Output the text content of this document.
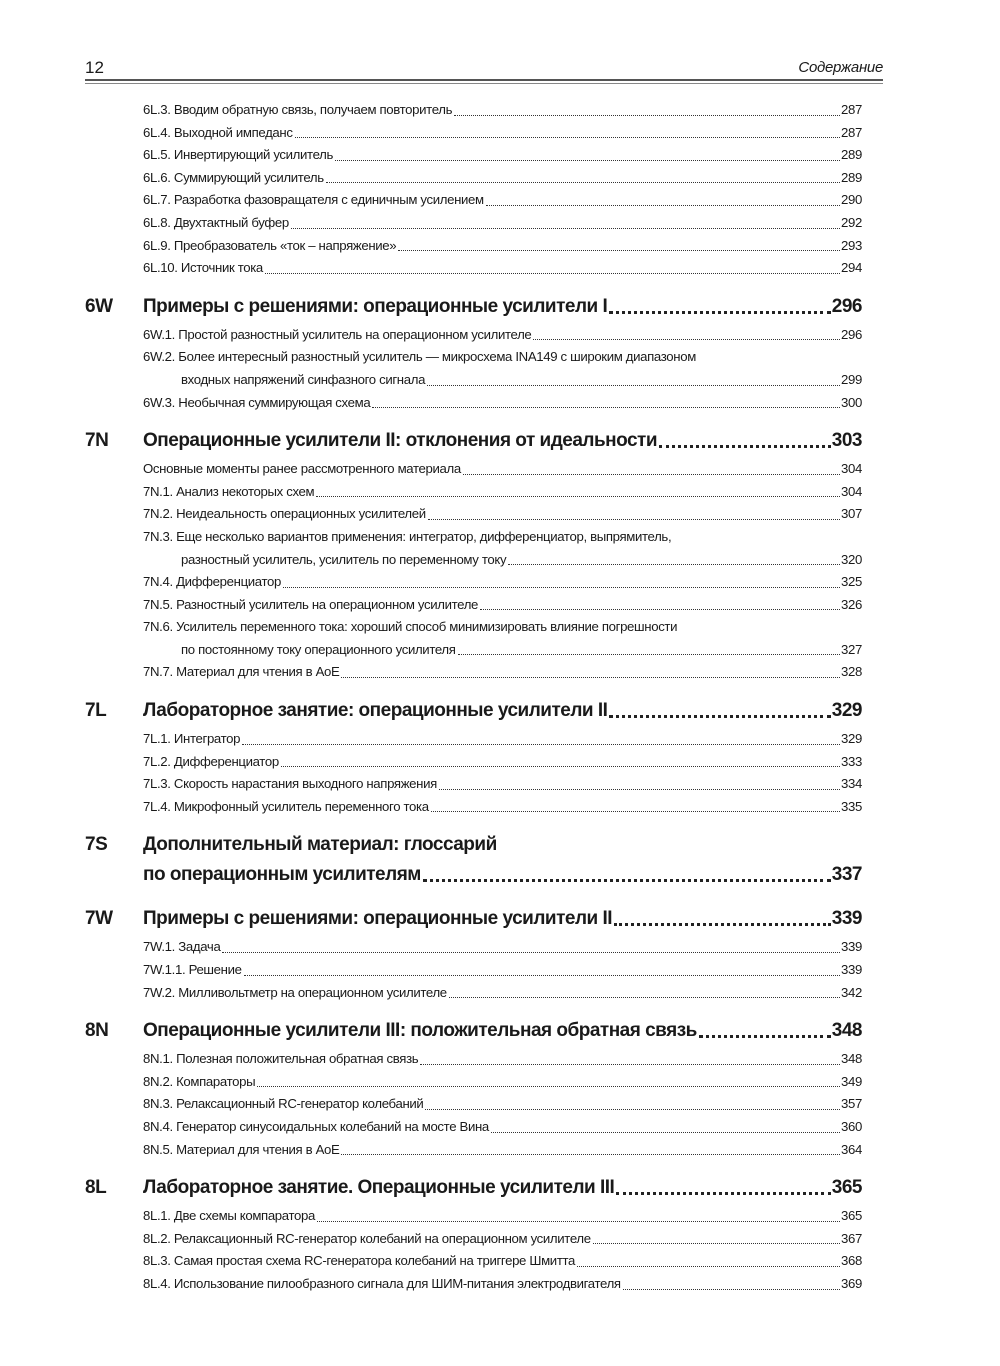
12	Содержание
6L.3. Вводим обратную связь, получаем повторитель	287
6L.4. Выходной импеданс	287
6L.5. Инвертирующий усилитель	289
6L.6. Суммирующий усилитель	289
6L.7. Разработка фазовращателя с единичным усилением	290
6L.8. Двухтактный буфер	292
6L.9. Преобразователь «ток – напряжение»	293
6L.10. Источник тока	294
6W	Примеры с решениями: операционные усилители I	296
6W.1. Простой разностный усилитель на операционном усилителе	296
6W.2. Более интересный разностный усилитель — микросхема INA149 с широким диапазоном
входных напряжений синфазного сигнала	299
6W.3. Необычная суммирующая схема	300
7N	Операционные усилители II: отклонения от идеальности	303
Основные моменты ранее рассмотренного материала	304
7N.1. Анализ некоторых схем	304
7N.2. Неидеальность операционных усилителей	307
7N.3. Еще несколько вариантов применения: интегратор, дифференциатор, выпрямитель,
разностный усилитель, усилитель по переменному току	320
7N.4. Дифференциатор	325
7N.5. Разностный усилитель на операционном усилителе	326
7N.6. Усилитель переменного тока: хороший способ минимизировать влияние погрешности
по постоянному току операционного усилителя	327
7N.7. Материал для чтения в AoE	328
7L	Лабораторное занятие: операционные усилители II	329
7L.1. Интегратор	329
7L.2. Дифференциатор	333
7L.3. Скорость нарастания выходного напряжения	334
7L.4. Микрофонный усилитель переменного тока	335
7S	Дополнительный материал: глоссарий
по операционным усилителям	337
7W	Примеры с решениями: операционные усилители II	339
7W.1. Задача	339
7W.1.1. Решение	339
7W.2. Милливольтметр на операционном усилителе	342
8N	Операционные усилители III: положительная обратная связь	348
8N.1. Полезная положительная обратная связь	348
8N.2. Компараторы	349
8N.3. Релаксационный RC-генератор колебаний	357
8N.4. Генератор синусоидальных колебаний на мосте Вина	360
8N.5. Материал для чтения в AoE	364
8L	Лабораторное занятие. Операционные усилители III	365
8L.1. Две схемы компаратора	365
8L.2. Релаксационный RC-генератор колебаний на операционном усилителе	367
8L.3. Самая простая схема RC-генератора колебаний на триггере Шмитта	368
8L.4. Использование пилообразного сигнала для ШИМ-питания электродвигателя	369
